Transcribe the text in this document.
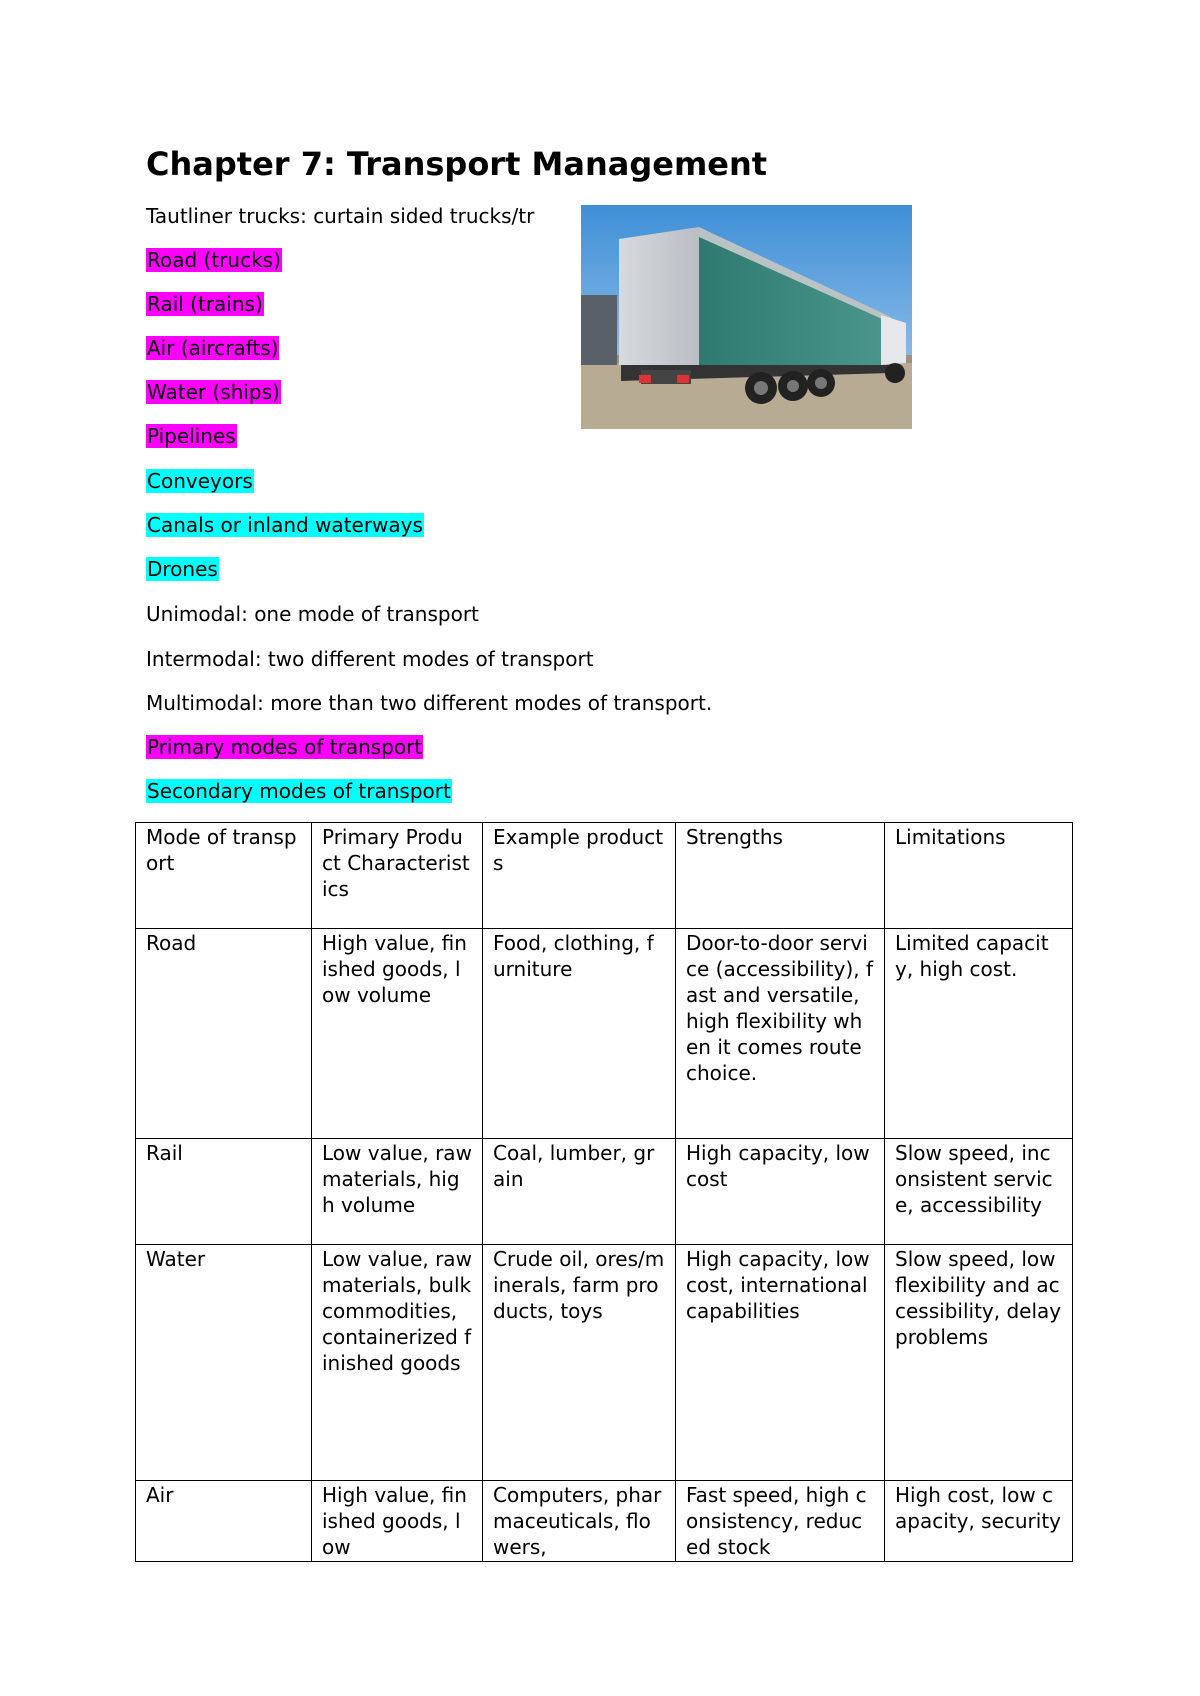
Chapter 7: Transport Management
Tautliner trucks: curtain sided trucks/tr
Road (trucks)
Rail (trains)
Air (aircrafts)
Water (ships)
Pipelines
Conveyors
Canals or inland waterways
Drones
Unimodal: one mode of transport
Intermodal: two different modes of transport
Multimodal: more than two different modes of transport.
Primary modes of transport
Secondary modes of transport
Mode of transport	Primary Product Characteristics	Example products	Strengths	Limitations
Road	High value, finished goods, low volume	Food, clothing, furniture	Door-to-door service (accessibility), fast and versatile, high flexibility when it comes route choice.	Limited capacity, high cost.
Rail	Low value, raw materials, high volume	Coal, lumber, grain	High capacity, low cost	Slow speed, inconsistent service, accessibility
Water	Low value, raw materials, bulk commodities, containerized finished goods	Crude oil, ores/minerals, farm products, toys	High capacity, low cost, international capabilities	Slow speed, low flexibility and accessibility, delay problems

Air	High value, finished goods, low	Computers, pharmaceuticals, flowers,	Fast speed, high consistency, reduced stock	High cost, low capacity, security
